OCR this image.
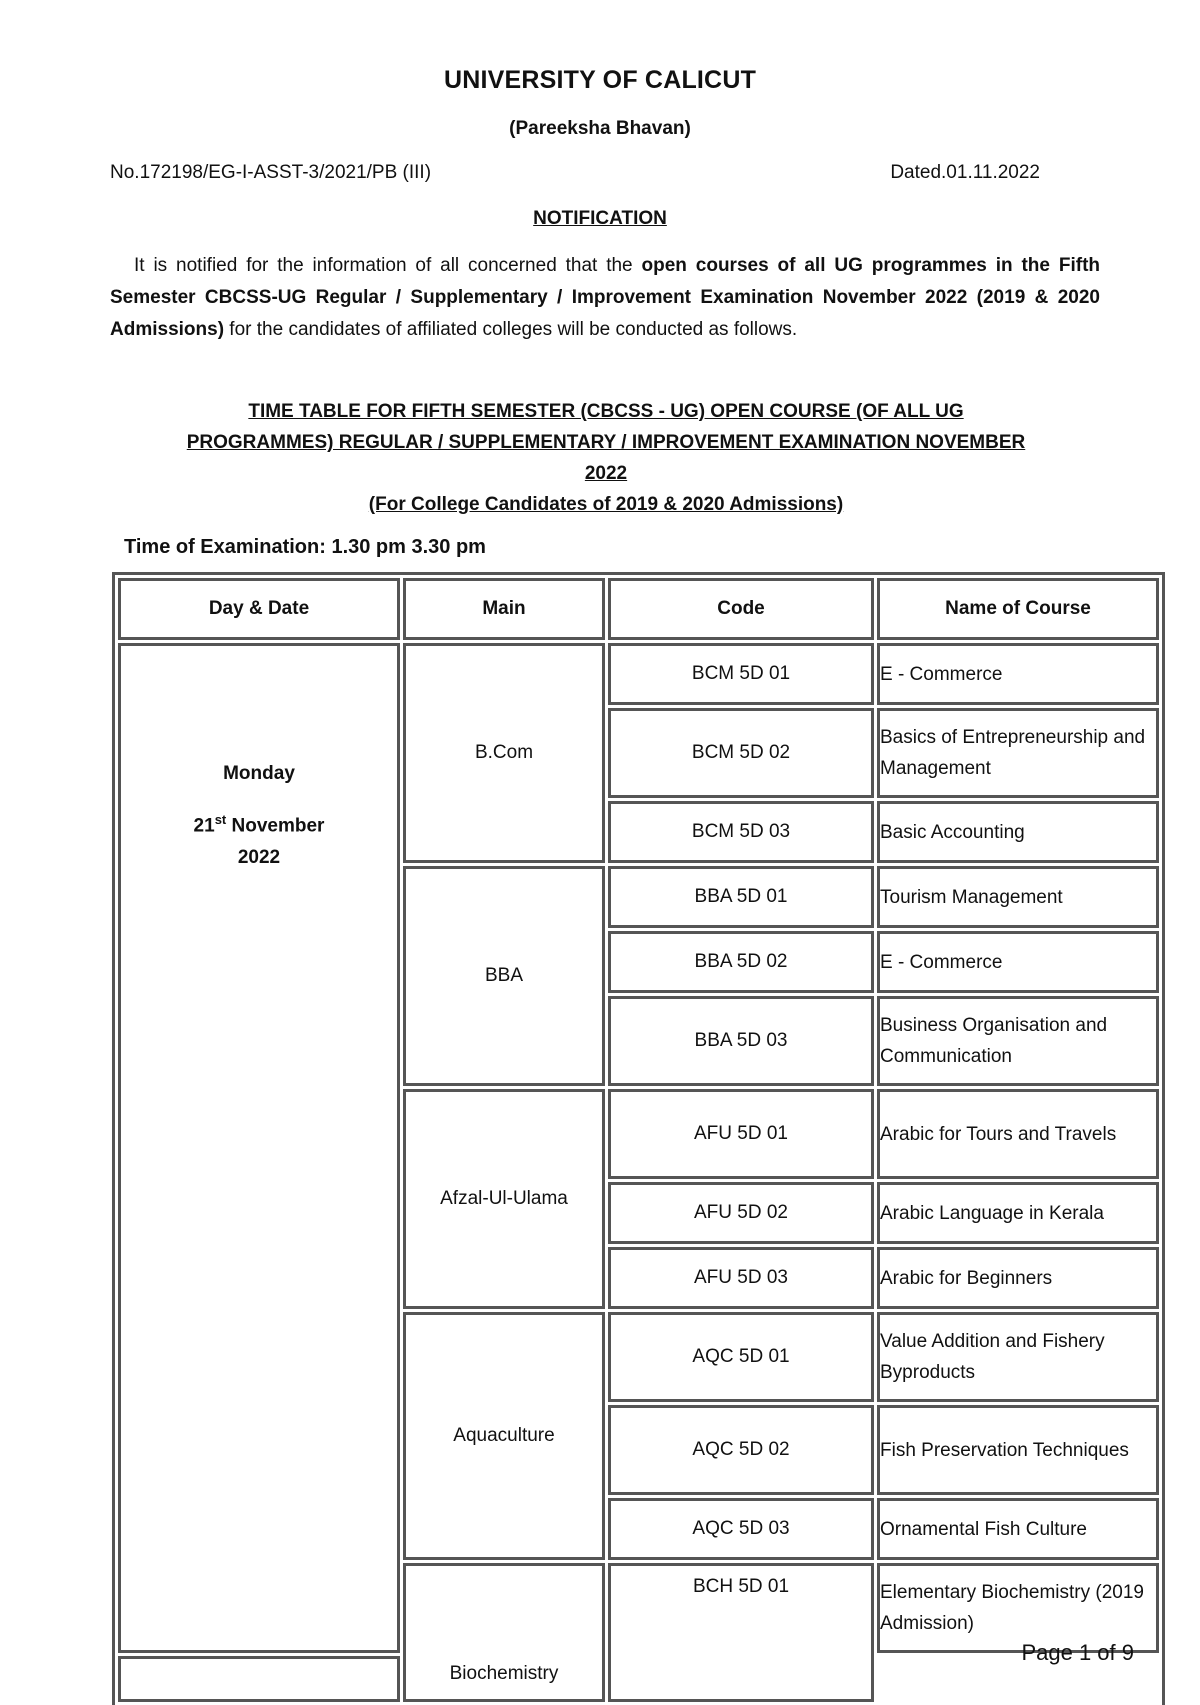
UNIVERSITY OF CALICUT
(Pareeksha Bhavan)
No.172198/EG-I-ASST-3/2021/PB (III)	Dated.01.11.2022
NOTIFICATION
It is notified for the information of all concerned that the open courses of all UG programmes in the Fifth Semester CBCSS-UG Regular / Supplementary / Improvement Examination November 2022 (2019 & 2020 Admissions) for the candidates of affiliated colleges will be conducted as follows.
TIME TABLE FOR FIFTH SEMESTER (CBCSS - UG) OPEN COURSE (OF ALL UG
PROGRAMMES) REGULAR / SUPPLEMENTARY / IMPROVEMENT EXAMINATION NOVEMBER
2022
(For College Candidates of 2019 & 2020 Admissions)
Time of Examination: 1.30 pm 3.30 pm
Day & Date	Main	Code	Name of Course

Monday
21st November
2022	B.Com	BCM 5D 01	E - Commerce
		BCM 5D 02	Basics of Entrepreneurship and Management
		BCM 5D 03	Basic Accounting
	BBA	BBA 5D 01	Tourism Management
		BBA 5D 02	E - Commerce
		BBA 5D 03	Business Organisation and Communication
	Afzal-Ul-Ulama	AFU 5D 01	Arabic for Tours and Travels
		AFU 5D 02	Arabic Language in Kerala
		AFU 5D 03	Arabic for Beginners
	Aquaculture	AQC 5D 01	Value Addition and Fishery Byproducts
		AQC 5D 02	Fish Preservation Techniques
		AQC 5D 03	Ornamental Fish Culture
	Biochemistry	BCH 5D 01	Elementary Biochemistry (2019 Admission)

Page 1 of 9
